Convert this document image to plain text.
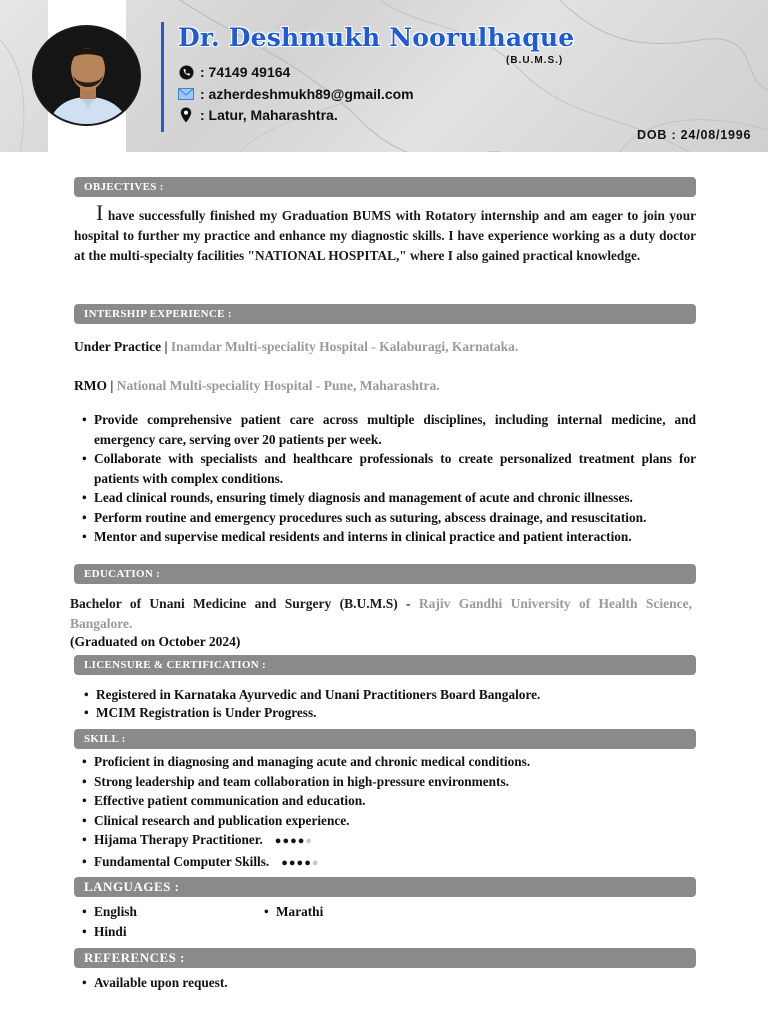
Dr. Deshmukh Noorulhaque
(B.U.M.S.)
: 74149 49164
: azherdeshmukh89@gmail.com
: Latur, Maharashtra.
DOB : 24/08/1996
OBJECTIVES :
I have successfully finished my Graduation BUMS with Rotatory internship and am eager to join your hospital to further my practice and enhance my diagnostic skills. I have experience working as a duty doctor at the multi-specialty facilities "NATIONAL HOSPITAL," where I also gained practical knowledge.
INTERSHIP EXPERIENCE :
Under Practice | Inamdar Multi-speciality Hospital - Kalaburagi, Karnataka.
RMO | National Multi-speciality Hospital - Pune, Maharashtra.
• Provide comprehensive patient care across multiple disciplines, including internal medicine, and emergency care, serving over 20 patients per week.
• Collaborate with specialists and healthcare professionals to create personalized treatment plans for patients with complex conditions.
• Lead clinical rounds, ensuring timely diagnosis and management of acute and chronic illnesses.
• Perform routine and emergency procedures such as suturing, abscess drainage, and resuscitation.
• Mentor and supervise medical residents and interns in clinical practice and patient interaction.
EDUCATION :
Bachelor of Unani Medicine and Surgery (B.U.M.S) - Rajiv Gandhi University of Health Science, Bangalore.
(Graduated on October 2024)
LICENSURE & CERTIFICATION :
• Registered in Karnataka Ayurvedic and Unani Practitioners Board Bangalore.
• MCIM Registration is Under Progress.
SKILL :
• Proficient in diagnosing and managing acute and chronic medical conditions.
• Strong leadership and team collaboration in high-pressure environments.
• Effective patient communication and education.
• Clinical research and publication experience.
• Hijama Therapy Practitioner. ●●●●●
• Fundamental Computer Skills. ●●●●●
LANGUAGES :
• English
• Hindi
• Marathi
REFERENCES :
• Available upon request.
